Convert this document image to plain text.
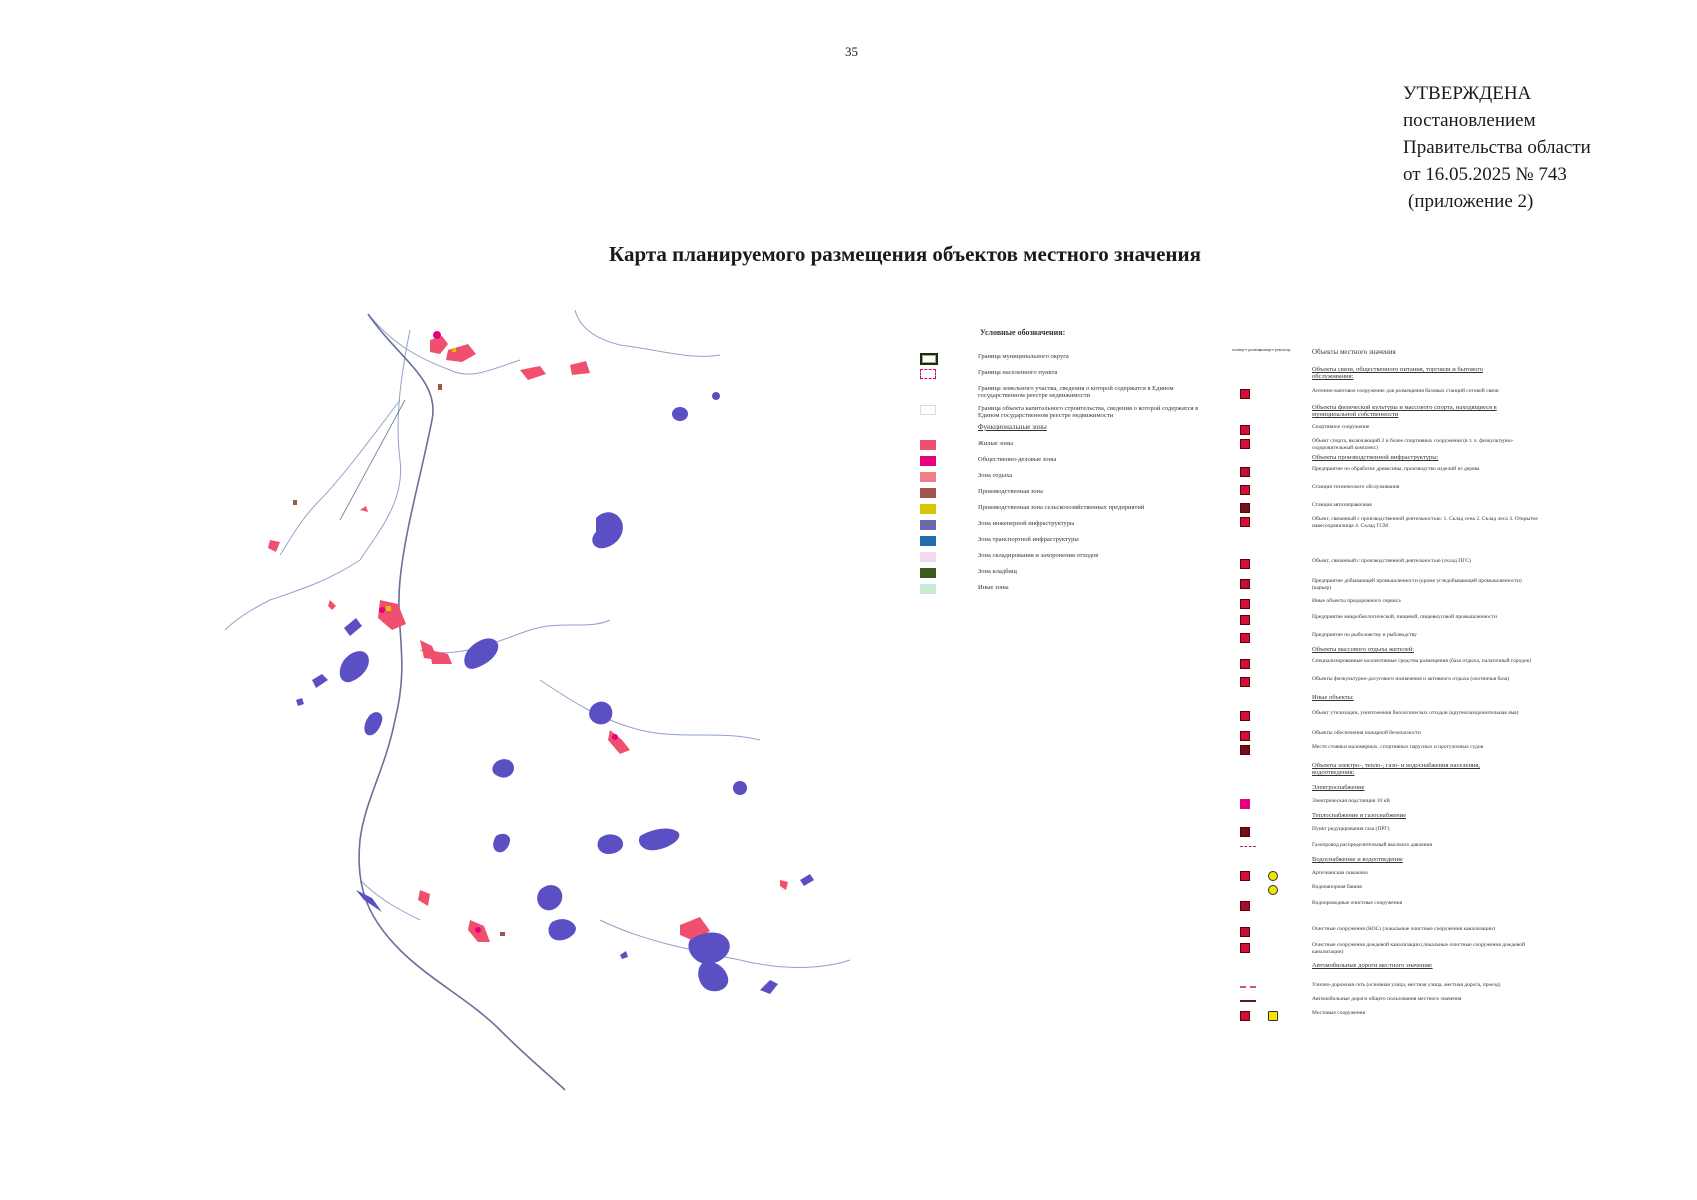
35
УТВЕРЖДЕНА
постановлением
Правительства области
от 16.05.2025 № 743
(приложение 2)
Карта планируемого размещения объектов местного значения
Условные обозначения:
Граница муниципального округа
Граница населенного пункта
Граница земельного участка, сведения о которой содержатся в Едином государственном реестре недвижимости
Граница объекта капитального строительства, сведения о которой содержатся в Едином государственном реестре недвижимости
Функциональные зоны
Жилые зоны
Общественно-деловые зоны
Зона отдыха
Производственная зона
Производственная зона сельскохозяйственных предприятий
Зона инженерной инфраструктуры
Зона транспортной инфраструктуры
Зона складирования и захоронения отходов
Зона кладбищ
Иные зоны
планир-е размещ.
планир-е реконстр.	Объекты местного значения
Объекты связи, общественного питания, торговли и бытового обслуживания:
Антенно-мачтовое сооружение для размещения базовых станций сотовой связи
Объекты физической культуры и массового спорта, находящиеся в муниципальной собственности
Спортивное сооружение
Объект спорта, включающий 2 и более спортивных сооружения (в т. ч. физкультурно-оздоровительный комплекс)
Объекты производственной инфраструктуры:
Предприятие по обработке древесины, производство изделий из дерева
Станция технического обслуживания
Станция автозаправочная
Объект, связанный с производственной деятельностью: 1. Склад сена 2. Склад леса 3. Открытое навесохранилище 4. Склад ГСМ
Объект, связанный с производственной деятельностью (склад ПГС)
Предприятие добывающей промышленности (кроме угледобывающей промышленности) (карьер)
Иные объекты придорожного сервиса
Предприятие микробиологической, пищевой, пищевкусовой промышленности
Предприятие по рыболовству и рыбоводству
Объекты массового отдыха жителей:
Специализированные коллективные средства размещения (база отдыха, палаточный городок)
Объекты физкультурно-досугового назначения и активного отдыха (охотничья база)
Иные объекты:
Объект утилизации, уничтожения биологических отходов (крупнозахоронительная яма)
Объекты обеспечения пожарной безопасности
Место стоянки маломерных, спортивных парусных и прогулочных судов
Объекты электро-, тепло-, газо- и водоснабжения населения, водоотведения:
Электроснабжение
Электрическая подстанция 10 кВ
Теплоснабжение и газоснабжение
Пункт редуцирования газа (ПРГ)
Газопровод распределительный высокого давления
Водоснабжение и водоотведение
Артезианская скважина
Водонапорная башня
Водопроводные очистные сооружения
Очистные сооружения (КОС) (локальные очистные сооружения канализации)
Очистные сооружения дождевой канализации (локальные очистные сооружения дождевой канализации)
Автомобильные дороги местного значения:
Улично-дорожная сеть (основная улица, местная улица, местная дорога, проезд)
Автомобильные дороги общего пользования местного значения
Мостовые сооружения
